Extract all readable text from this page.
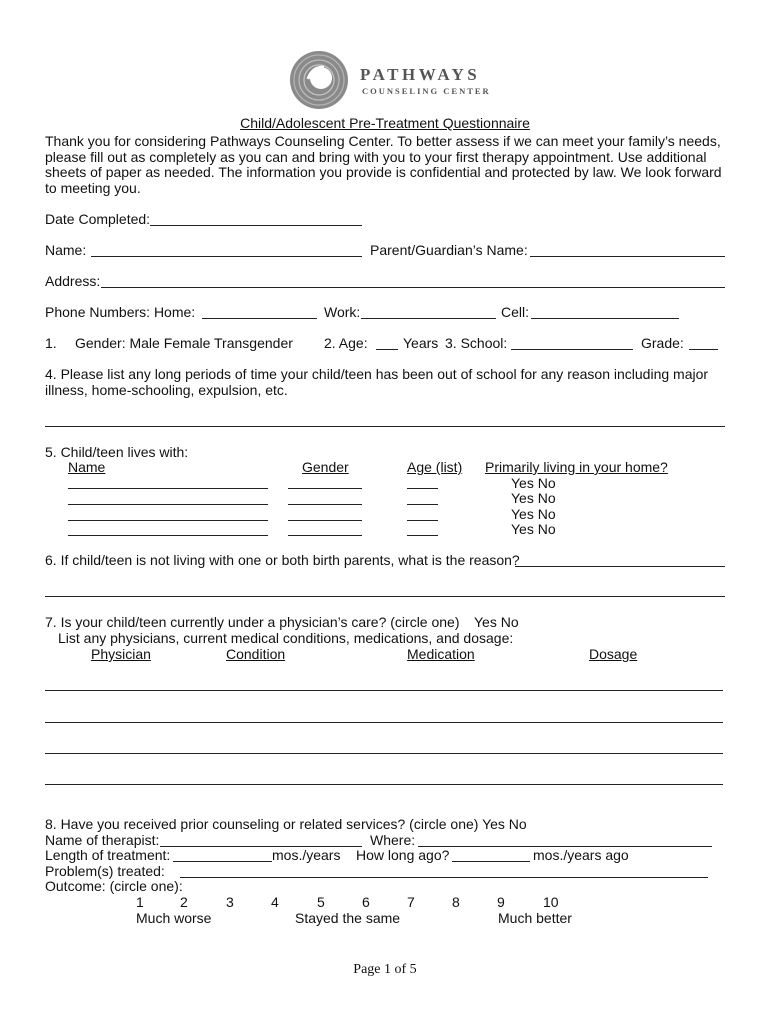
PATHWAYS
COUNSELING CENTER
Child/Adolescent Pre-Treatment Questionnaire
Thank you for considering Pathways Counseling Center. To better assess if we can meet your family’s needs, please fill out as completely as you can and bring with you to your first therapy appointment. Use additional sheets of paper as needed. The information you provide is confidential and protected by law. We look forward to meeting you.
Date Completed:
Name:	Parent/Guardian’s Name:
Address:
Phone Numbers: Home:	Work:	Cell:
1. Gender: Male Female Transgender 2. Age:	Years 3. School:	Grade:
4. Please list any long periods of time your child/teen has been out of school for any reason including major illness, home-schooling, expulsion, etc.
5. Child/teen lives with:
Name	Gender	Age (list) Primarily living in your home?
Yes No
Yes No
Yes No
Yes No
6. If child/teen is not living with one or both birth parents, what is the reason?
7. Is your child/teen currently under a physician’s care? (circle one) Yes No
List any physicians, current medical conditions, medications, and dosage:
Physician	Condition	Medication	Dosage
8. Have you received prior counseling or related services? (circle one) Yes No
Name of therapist:	Where:
Length of treatment:	mos./years How long ago?	mos./years ago
Problem(s) treated:
Outcome: (circle one):
1	2	3	4	5	6	7	8	9	10
Much worse	Stayed the same	Much better
Page 1 of 5
